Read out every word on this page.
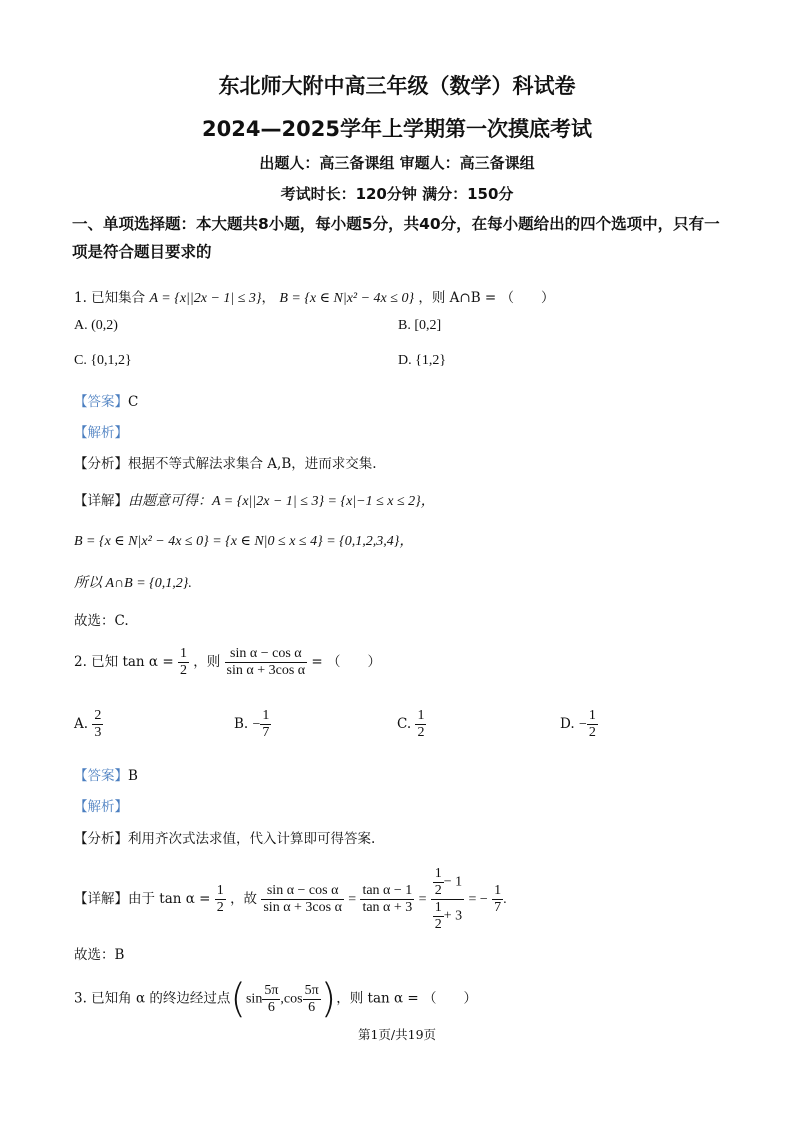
东北师大附中高三年级（数学）科试卷
2024—2025学年上学期第一次摸底考试
出题人：高三备课组 审题人：高三备课组
考试时长：120分钟 满分：150分
一、单项选择题：本大题共8小题，每小题5分，共40分，在每小题给出的四个选项中，只有一项是符合题目要求的
1. 已知集合 A = {x||2x − 1| ≤ 3}， B = {x ∈ N|x² − 4x ≤ 0} ，则 A∩B = （　　）
A. (0,2)	B. [0,2]
C. {0,1,2}	D. {1,2}
【答案】C
【解析】
【分析】根据不等式解法求集合 A,B，进而求交集.
【详解】由题意可得：A = {x||2x − 1| ≤ 3} = {x|−1 ≤ x ≤ 2}，
B = {x ∈ N|x² − 4x ≤ 0} = {x ∈ N|0 ≤ x ≤ 4} = {0,1,2,3,4}，
所以 A∩B = {0,1,2}.
故选：C.
2. 已知 $\tan \alpha = \frac{1}{2}$ ，则 $\frac{\text{sin α − cos α}}{\text{sin α + 3cos α}}$ = （　　）
A. $\frac{2}{3}$	B. − $\frac{1}{7}$	C. $\frac{1}{2}$	D. − $\frac{1}{2}$
【答案】B
【解析】
【分析】利用齐次式法求值，代入计算即可得答案.
【详解】由于 $\tan \alpha = \frac{1}{2}$ ，故 $\frac{\text{sin α − cos α}}{\text{sin α + 3cos α}} = \frac{\text{tan α − 1}}{\text{tan α + 3}} = \frac{\frac{1}{2} - 1}{\frac{1}{2} + 3}$ = − $\frac{1}{7}$ .
故选：B
3. 已知角 α 的终边经过点($\sin \frac{5\pi}{6} ,\cos \frac{5\pi}{6}$ )，则 tan α = （　　）
第1页/共19页
